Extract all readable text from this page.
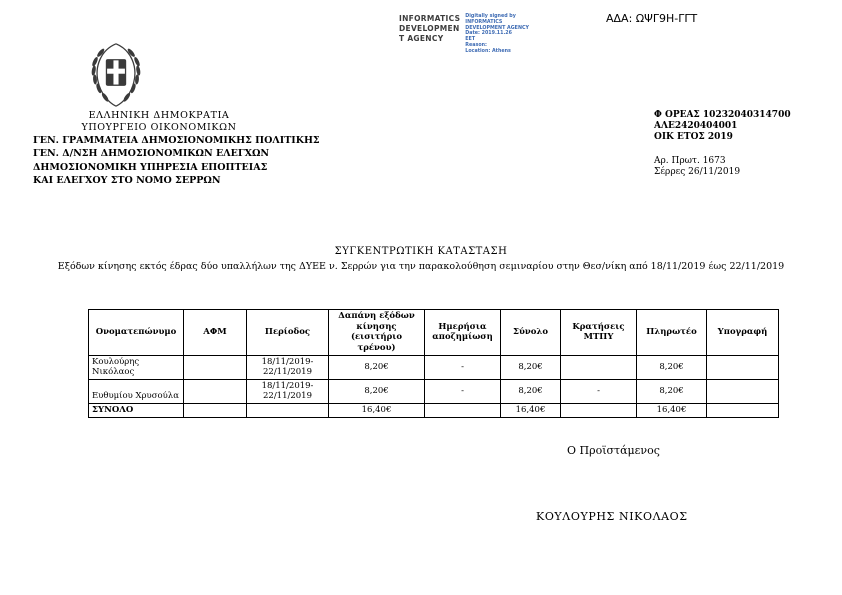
ΑΔΑ: ΩΨΓ9Η-ΓΓΤ
INFORMATICS
DEVELOPMEN
T AGENCY
Digitally signed by
INFORMATICS
DEVELOPMENT AGENCY
Date: 2019.11.26
EET
Reason:
Location: Athens
ΕΛΛΗΝΙΚΗ ΔΗΜΟΚΡΑΤΙΑ
ΥΠΟΥΡΓΕΙΟ ΟΙΚΟΝΟΜΙΚΩΝ
ΓΕΝ. ΓΡΑΜΜΑΤΕΙΑ ΔΗΜΟΣΙΟΝΟΜΙΚΗΣ ΠΟΛΙΤΙΚΗΣ
ΓΕΝ. Δ/ΝΣΗ ΔΗΜΟΣΙΟΝΟΜΙΚΩΝ ΕΛΕΓΧΩΝ
ΔΗΜΟΣΙΟΝΟΜΙΚΗ ΥΠΗΡΕΣΙΑ ΕΠΟΠΤΕΙΑΣ
ΚΑΙ ΕΛΕΓΧΟΥ ΣΤΟ ΝΟΜΟ ΣΕΡΡΩΝ
Φ ΟΡΕΑΣ 10232040314700
ΑΛΕ2420404001
ΟΙΚ ΕΤΟΣ 2019
Αρ. Πρωτ. 1673
Σέρρες 26/11/2019
ΣΥΓΚΕΝΤΡΩΤΙΚΗ ΚΑΤΑΣΤΑΣΗ
Εξόδων κίνησης εκτός έδρας δύο υπαλλήλων της ΔΥΕΕ ν. Σερρών για την παρακολούθηση σεμιναρίου στην Θεσ/νίκη από 18/11/2019 έως 22/11/2019
Ονοματεπώνυμο	ΑΦΜ	Περίοδος	Δαπάνη εξόδων κίνησης (εισιτήριο τρένου)	Ημερήσια αποζημίωση	Σύνολο	Κρατήσεις ΜΤΠΥ	Πληρωτέο	Υπογραφή
Κουλούρης Νικόλαος		18/11/2019-22/11/2019	8,20€	-	8,20€		8,20€	
Ευθυμίου Χρυσούλα		18/11/2019-22/11/2019	8,20€	-	8,20€	-	8,20€	
ΣΥΝΟΛΟ			16,40€		16,40€		16,40€	
Ο Προϊστάμενος
ΚΟΥΛΟΥΡΗΣ ΝΙΚΟΛΑΟΣ
